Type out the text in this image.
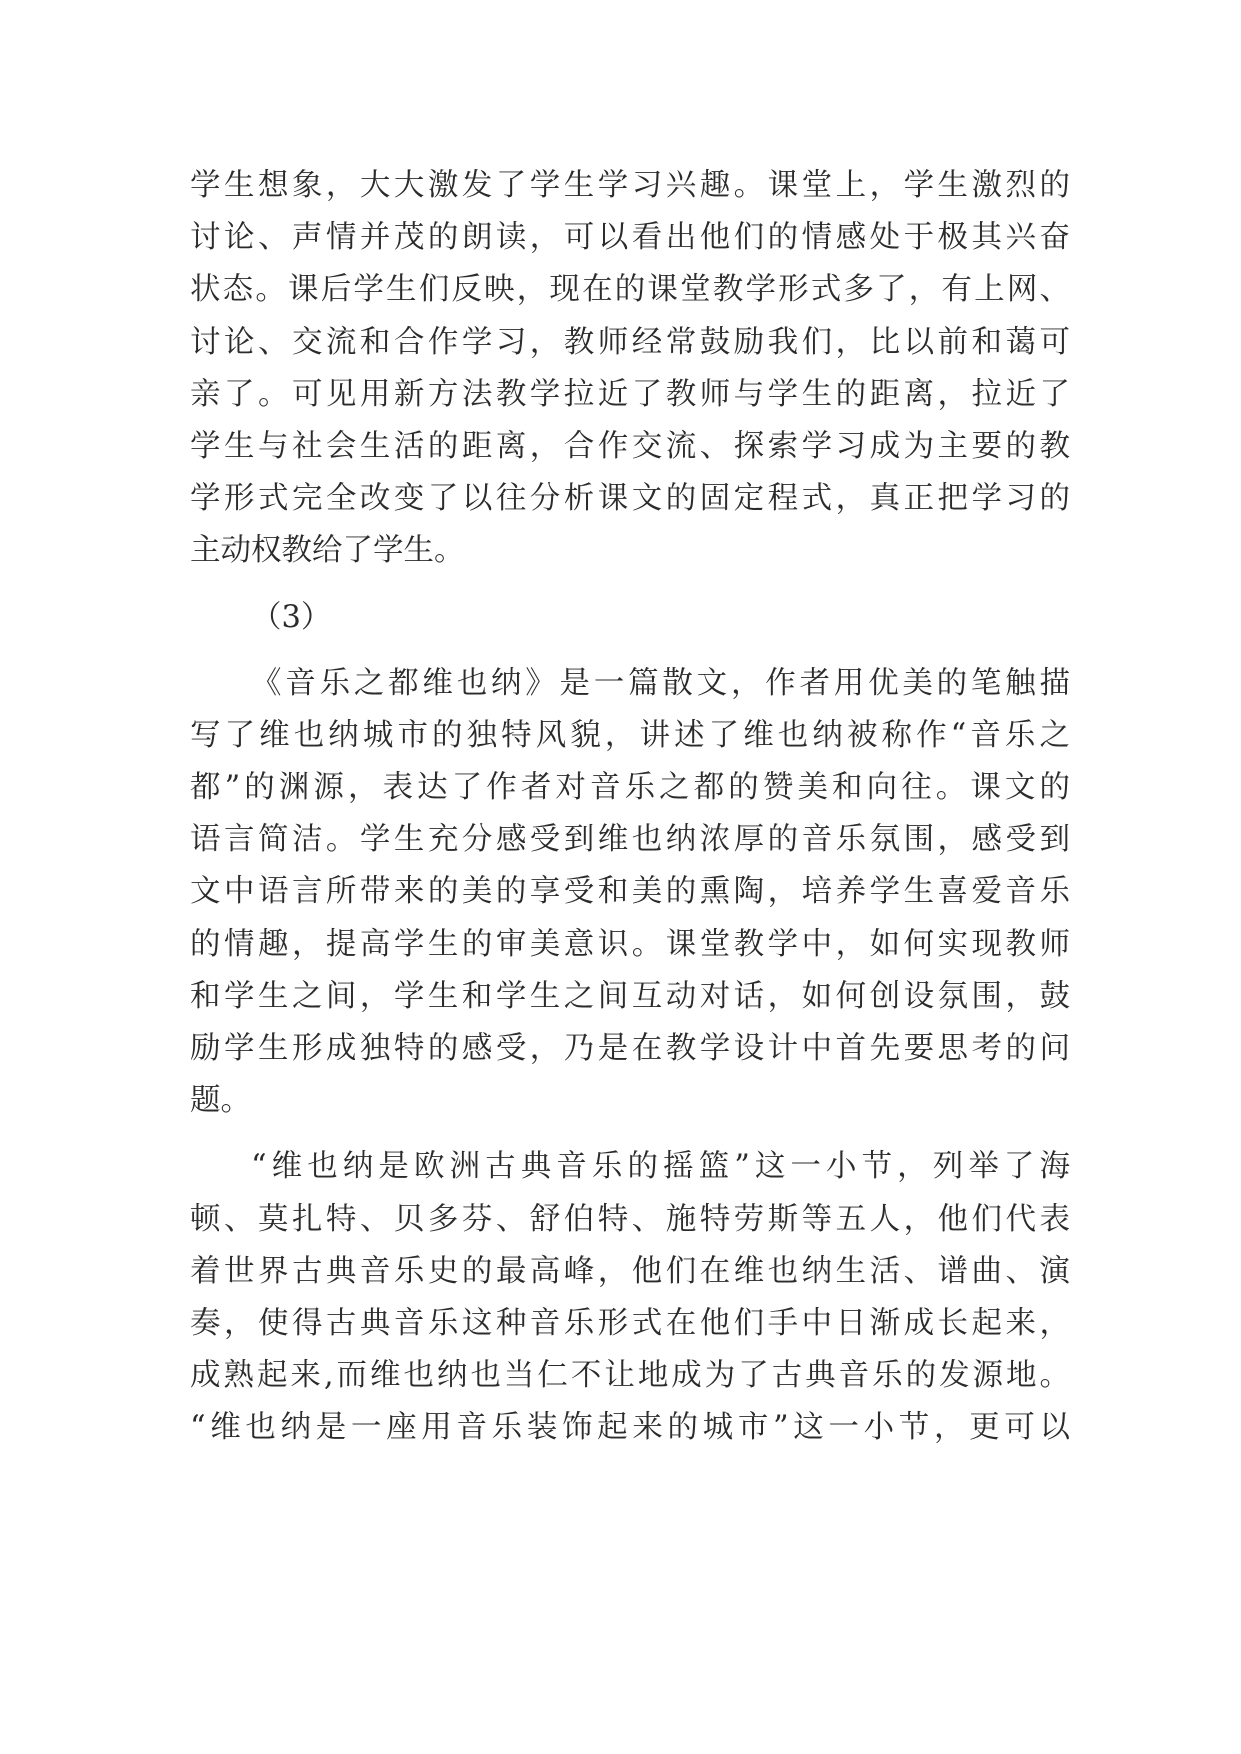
学生想象，大大激发了学生学习兴趣。课堂上，学生激烈的
讨论、声情并茂的朗读，可以看出他们的情感处于极其兴奋
状态。课后学生们反映，现在的课堂教学形式多了，有上网、
讨论、交流和合作学习，教师经常鼓励我们，比以前和蔼可
亲了。可见用新方法教学拉近了教师与学生的距离，拉近了
学生与社会生活的距离，合作交流、探索学习成为主要的教
学形式完全改变了以往分析课文的固定程式，真正把学习的
主动权教给了学生。
（3）
《音乐之都维也纳》是一篇散文，作者用优美的笔触描
写了维也纳城市的独特风貌，讲述了维也纳被称作“音乐之
都”的渊源，表达了作者对音乐之都的赞美和向往。课文的
语言简洁。学生充分感受到维也纳浓厚的音乐氛围，感受到
文中语言所带来的美的享受和美的熏陶，培养学生喜爱音乐
的情趣，提高学生的审美意识。课堂教学中，如何实现教师
和学生之间，学生和学生之间互动对话，如何创设氛围，鼓
励学生形成独特的感受，乃是在教学设计中首先要思考的问
题。
“维也纳是欧洲古典音乐的摇篮”这一小节，列举了海
顿、莫扎特、贝多芬、舒伯特、施特劳斯等五人，他们代表
着世界古典音乐史的最高峰，他们在维也纳生活、谱曲、演
奏，使得古典音乐这种音乐形式在他们手中日渐成长起来，
成熟起来,而维也纳也当仁不让地成为了古典音乐的发源地。
“维也纳是一座用音乐装饰起来的城市”这一小节，更可以
